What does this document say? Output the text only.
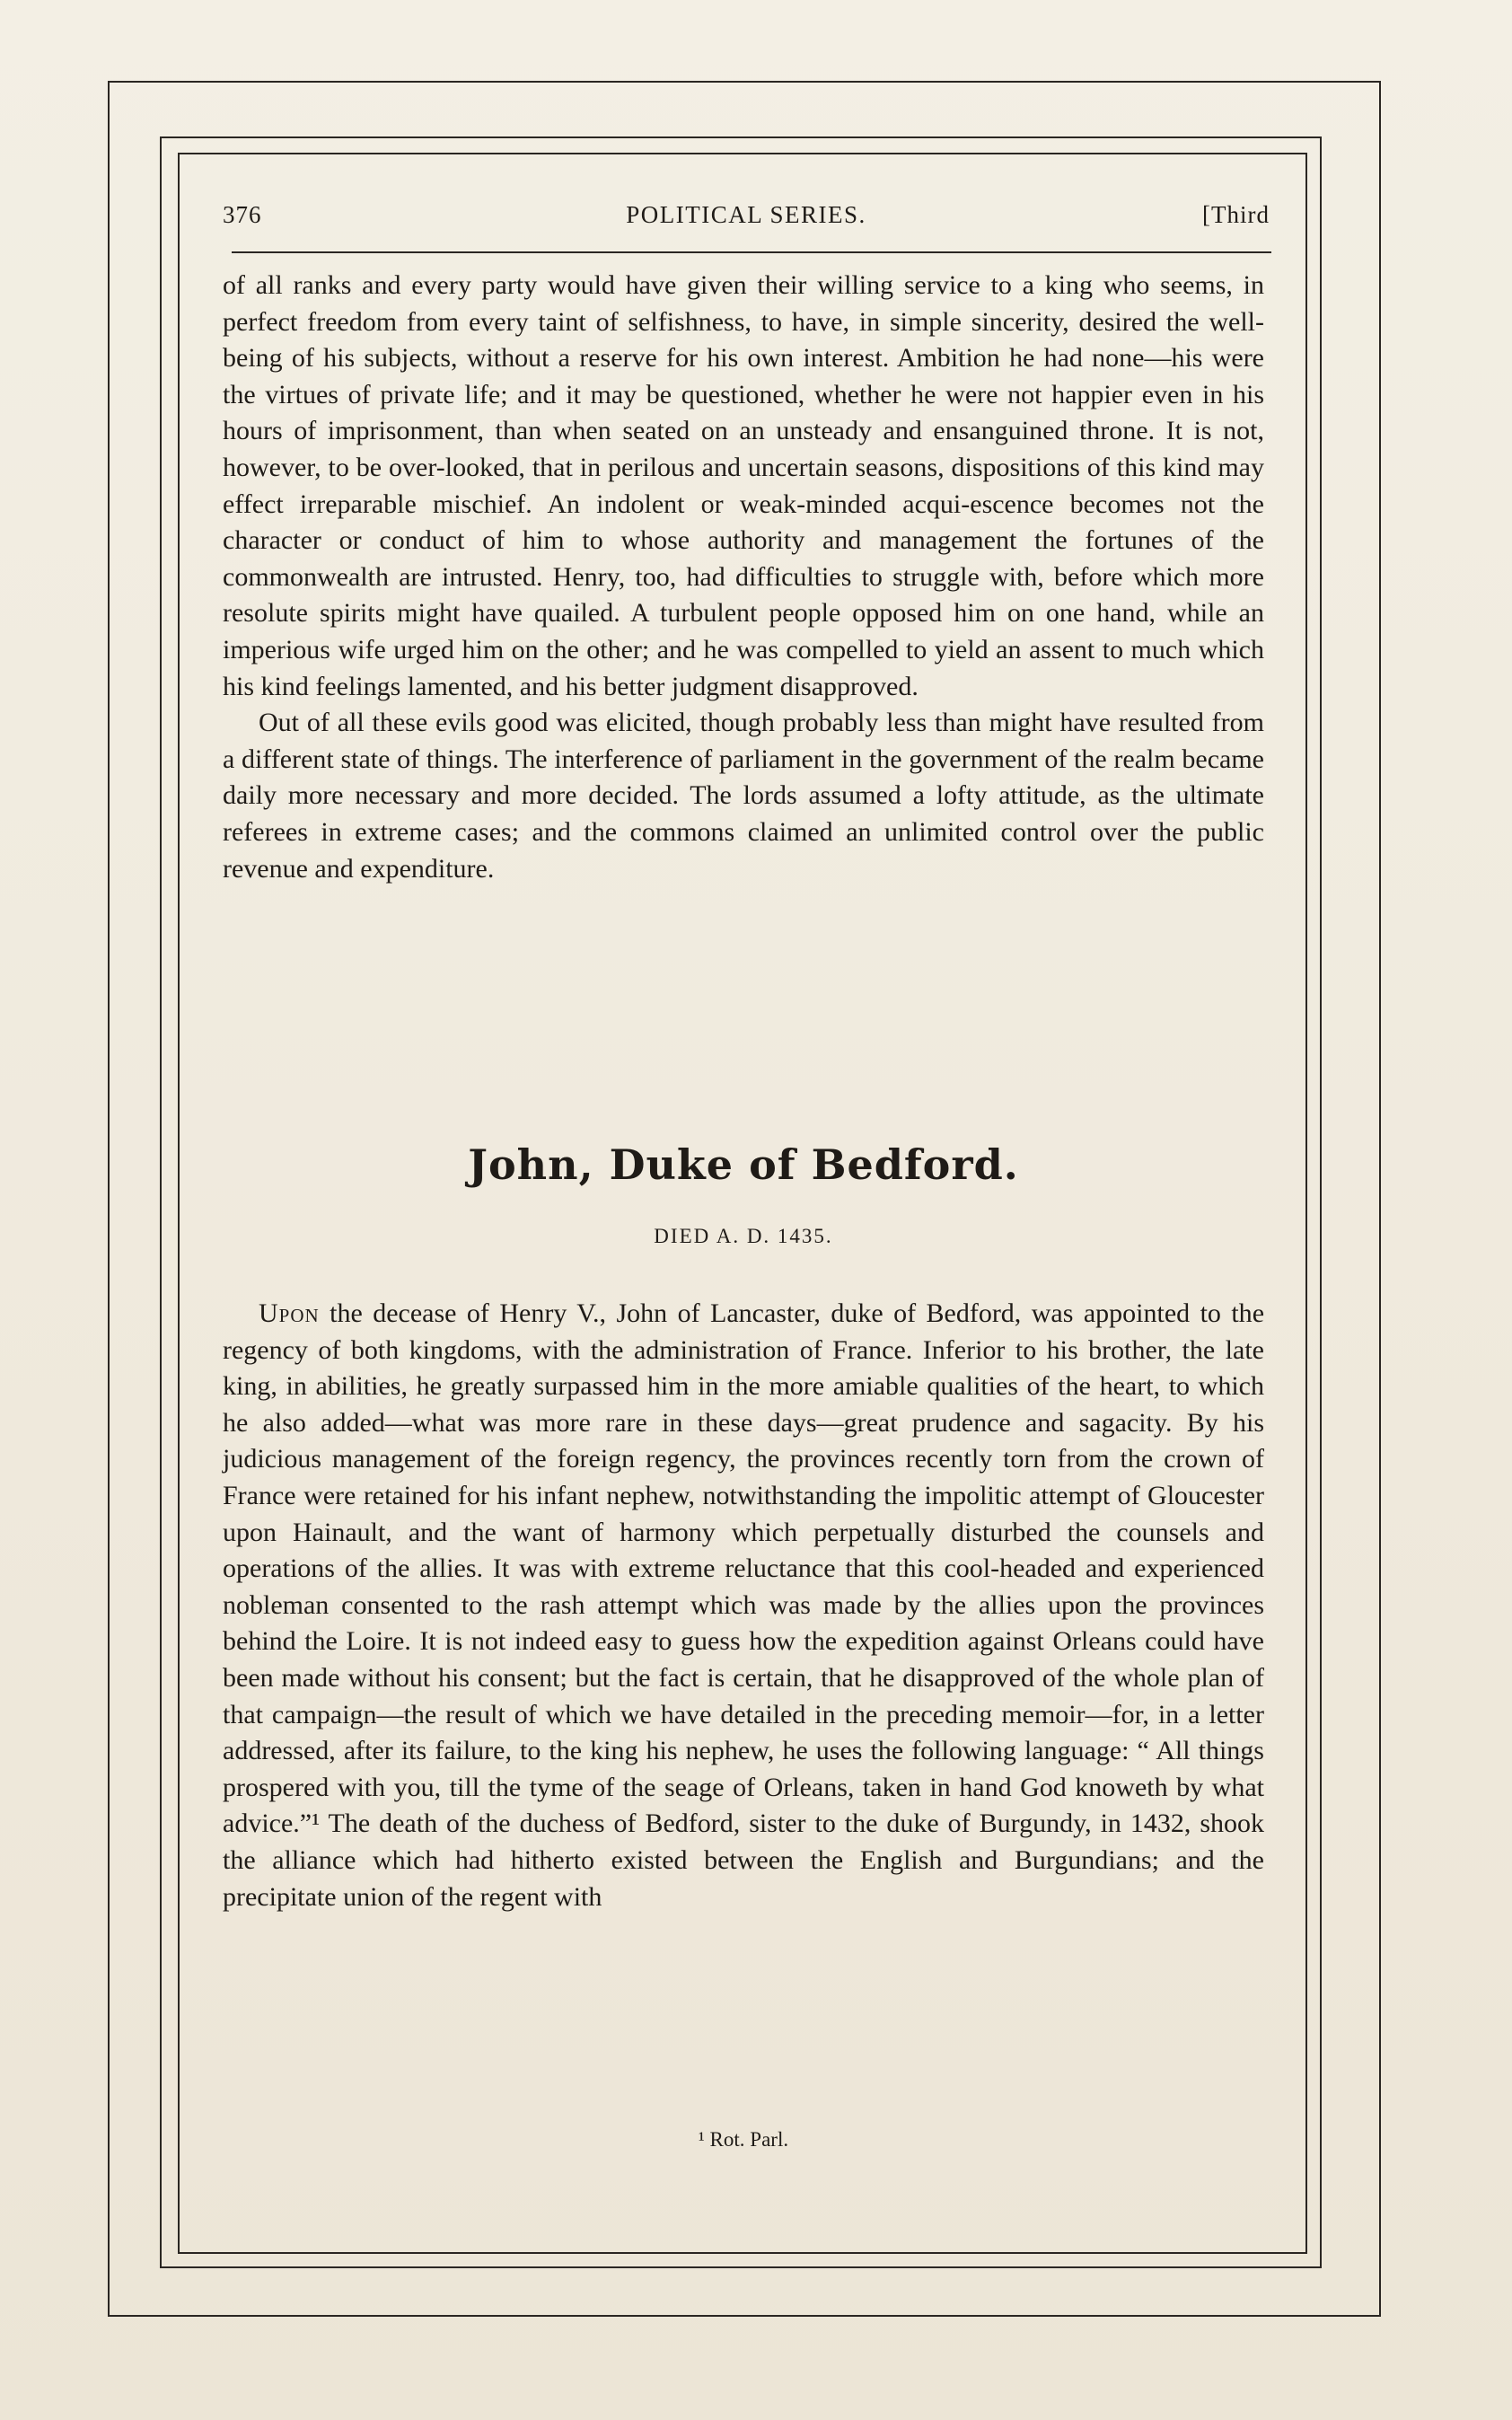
376	POLITICAL SERIES.	[Third

of all ranks and every party would have given their willing service to a king who seems, in perfect freedom from every taint of selfishness, to have, in simple sincerity, desired the well-being of his subjects, without a reserve for his own interest. Ambition he had none—his were the virtues of private life; and it may be questioned, whether he were not happier even in his hours of imprisonment, than when seated on an unsteady and ensanguined throne. It is not, however, to be over-looked, that in perilous and uncertain seasons, dispositions of this kind may effect irreparable mischief. An indolent or weak-minded acqui-escence becomes not the character or conduct of him to whose authority and management the fortunes of the commonwealth are intrusted. Henry, too, had difficulties to struggle with, before which more resolute spirits might have quailed. A turbulent people opposed him on one hand, while an imperious wife urged him on the other; and he was compelled to yield an assent to much which his kind feelings lamented, and his better judgment disapproved.

Out of all these evils good was elicited, though probably less than might have resulted from a different state of things. The interference of parliament in the government of the realm became daily more necessary and more decided. The lords assumed a lofty attitude, as the ultimate referees in extreme cases; and the commons claimed an unlimited control over the public revenue and expenditure.

John, Duke of Bedford.
DIED A. D. 1435.

Upon the decease of Henry V., John of Lancaster, duke of Bedford, was appointed to the regency of both kingdoms, with the administration of France. Inferior to his brother, the late king, in abilities, he greatly surpassed him in the more amiable qualities of the heart, to which he also added—what was more rare in these days—great prudence and sagacity. By his judicious management of the foreign regency, the provinces recently torn from the crown of France were retained for his infant nephew, notwithstanding the impolitic attempt of Gloucester upon Hainault, and the want of harmony which perpetually disturbed the counsels and operations of the allies. It was with extreme reluctance that this cool-headed and experienced nobleman consented to the rash attempt which was made by the allies upon the provinces behind the Loire. It is not indeed easy to guess how the expedition against Orleans could have been made without his consent; but the fact is certain, that he disapproved of the whole plan of that campaign—the result of which we have detailed in the preceding memoir—for, in a letter addressed, after its failure, to the king his nephew, he uses the following language: “ All things prospered with you, till the tyme of the seage of Orleans, taken in hand God knoweth by what advice.”¹ The death of the duchess of Bedford, sister to the duke of Burgundy, in 1432, shook the alliance which had hitherto existed between the English and Burgundians; and the precipitate union of the regent with

¹ Rot. Parl.
